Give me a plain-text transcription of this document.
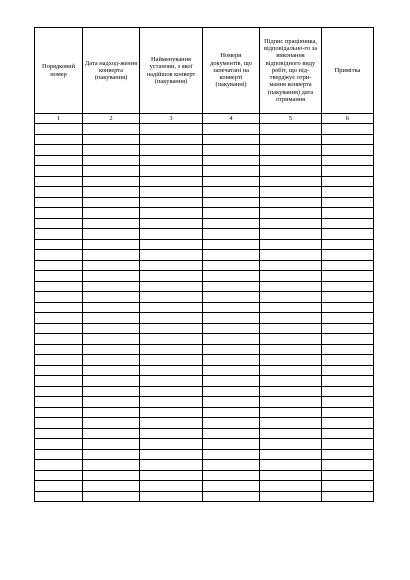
Порядковий номер	Дата надход-ження конверта (пакування)	Найменування установи, з якої надійшов конверт (пакування)	Номери документів, що запечатані на конверті (пакуванні)	Підпис працівника, відповідально-го за виконання відповідного виду робіт, що під-тверджує отри-мання конверта (пакування) дата отримання	Примітка

1	2	3	4	5	6
